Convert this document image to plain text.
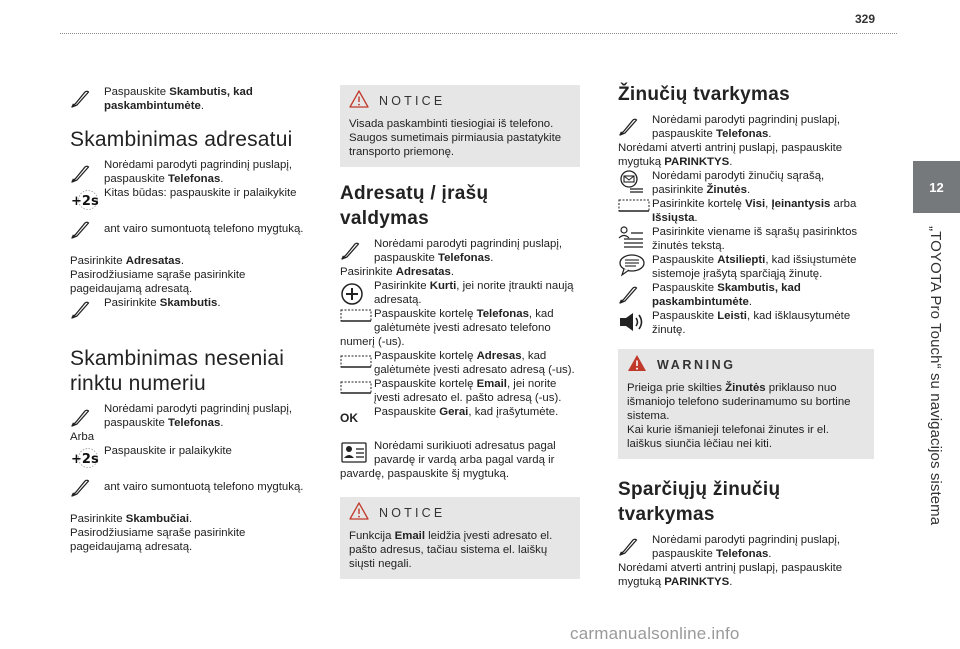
329
12
„TOYOTA Pro Touch“ su navigacijos sistema

Paspauskite Skambutis, kad paskambintumėte.

Skambinimas adresatui

Norėdami parodyti pagrindinį puslapį, paspauskite Telefonas.

Kitas būdas: paspauskite ir palaikykite

ant vairo sumontuotą telefono mygtuką.

Pasirinkite Adresatas.

Pasirodžiusiame sąraše pasirinkite pageidaujamą adresatą.

Pasirinkite Skambutis.

Skambinimas neseniai rinktu numeriu

Norėdami parodyti pagrindinį puslapį, paspauskite Telefonas.

Arba

Paspauskite ir palaikykite

ant vairo sumontuotą telefono mygtuką.

Pasirinkite Skambučiai.

Pasirodžiusiame sąraše pasirinkite pageidaujamą adresatą.

NOTICE

Visada paskambinti tiesiogiai iš telefono. Saugos sumetimais pirmiausia pastatykite transporto priemonę.

Adresatų / įrašų valdymas

Norėdami parodyti pagrindinį puslapį, paspauskite Telefonas.

Pasirinkite Adresatas.

Pasirinkite Kurti, jei norite įtraukti naują adresatą.

Paspauskite kortelę Telefonas, kad galėtumėte įvesti adresato telefono

numerį (-us).

Paspauskite kortelę Adresas, kad galėtumėte įvesti adresato adresą (-us).

Paspauskite kortelę Email, jei norite įvesti adresato el. pašto adresą (-us).

OK	Paspauskite Gerai, kad įrašytumėte.

Norėdami surikiuoti adresatus pagal pavardę ir vardą arba pagal vardą ir

pavardę, paspauskite šį mygtuką.

NOTICE

Funkcija Email leidžia įvesti adresato el. pašto adresus, tačiau sistema el. laiškų siųsti negali.

Žinučių tvarkymas

Norėdami parodyti pagrindinį puslapį, paspauskite Telefonas.

Norėdami atverti antrinį puslapį, paspauskite mygtuką PARINKTYS.

Norėdami parodyti žinučių sąrašą, pasirinkite Žinutės.

Pasirinkite kortelę Visi, Įeinantysis arba Išsiųsta.

Pasirinkite viename iš sąrašų pasirinktos žinutės tekstą.

Paspauskite Atsiliepti, kad išsiųstumėte sistemoje įrašytą sparčiąją žinutę.

Paspauskite Skambutis, kad paskambintumėte.

Paspauskite Leisti, kad išklausytumėte žinutę.

WARNING

Prieiga prie skilties Žinutės priklauso nuo išmaniojo telefono suderinamumo su bortine sistema.

Kai kurie išmanieji telefonai žinutes ir el. laiškus siunčia lėčiau nei kiti.

Sparčiųjų žinučių tvarkymas

Norėdami parodyti pagrindinį puslapį, paspauskite Telefonas.

Norėdami atverti antrinį puslapį, paspauskite mygtuką PARINKTYS.

carmanualsonline.info
